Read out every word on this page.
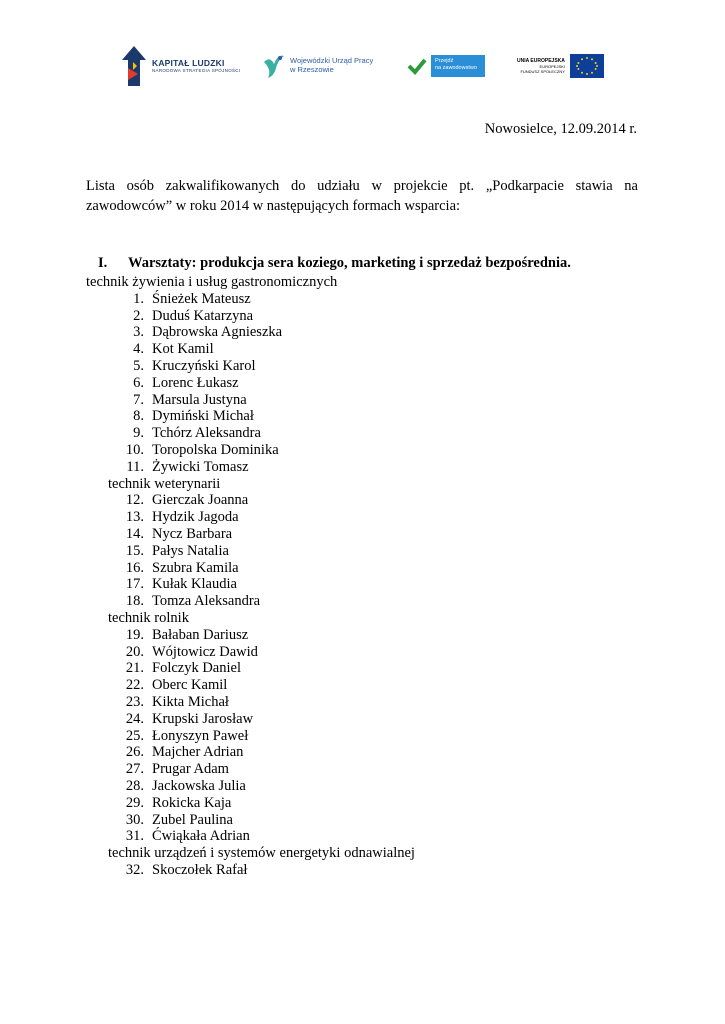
KAPITAŁ LUDZKI
NARODOWA STRATEGIA SPÓJNOŚCI
Wojewódzki Urząd Pracy
w Rzeszowie
Przejdź
na zawodowstwo
UNIA EUROPEJSKA
EUROPEJSKI
FUNDUSZ SPOŁECZNY
Nowosielce, 12.09.2014 r.
Lista osób zakwalifikowanych do udziału w projekcie pt. „Podkarpacie stawia na
zawodowców” w roku 2014 w następujących formach wsparcia:
I. Warsztaty: produkcja sera koziego, marketing i sprzedaż bezpośrednia.
technik żywienia i usług gastronomicznych
1. Śnieżek Mateusz
2. Duduś Katarzyna
3. Dąbrowska Agnieszka
4. Kot Kamil
5. Kruczyński Karol
6. Lorenc Łukasz
7. Marsula Justyna
8. Dymiński Michał
9. Tchórz Aleksandra
10. Toropolska Dominika
11. Żywicki Tomasz
technik weterynarii
12. Gierczak Joanna
13. Hydzik Jagoda
14. Nycz Barbara
15. Pałys Natalia
16. Szubra Kamila
17. Kułak Klaudia
18. Tomza Aleksandra
technik rolnik
19. Bałaban Dariusz
20. Wójtowicz Dawid
21. Folczyk Daniel
22. Oberc Kamil
23. Kikta Michał
24. Krupski Jarosław
25. Łonyszyn Paweł
26. Majcher Adrian
27. Prugar Adam
28. Jackowska Julia
29. Rokicka Kaja
30. Zubel Paulina
31. Ćwiąkała Adrian
technik urządzeń i systemów energetyki odnawialnej
32. Skoczołek Rafał
